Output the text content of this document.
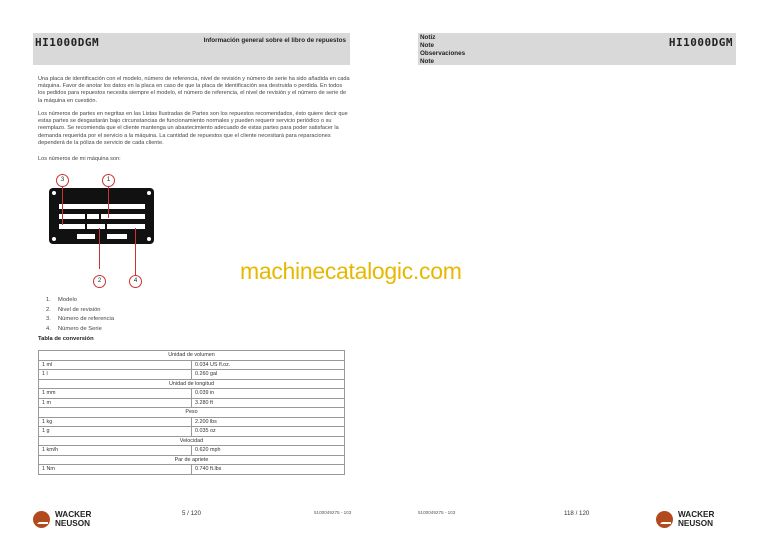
HI1000DGM	Información general sobre el libro de repuestos
Una placa de identificación con el modelo, número de referencia, nivel de revisión y número de serie ha sido añadida en cada máquina. Favor de anotar los datos en la placa en caso de que la placa de identificación sea destruida o perdida. En todos los pedidos para repuestos necesita siempre el modelo, el número de referencia, el nivel de revisión y el número de serie de la máquina en cuestión.
Los números de partes en negritas en las Listas Ilustradas de Partes son los repuestos recomendados, ésto quiere decir que estas partes se desgastarán bajo circunstancias de funcionamiento normales y pueden requerir servicio periódico o su reemplazo. Se recomienda que el cliente mantenga un abastecimiento adecuado de estas partes para poder satisfacer la demanda requerida por el servicio a la máquina. La cantidad de repuestos que el cliente necesitará para reparaciones dependerá de la póliza de servicio de cada cliente.
Los números de mi máquina son:
3	1
2	4
1. Modelo
2. Nivel de revisión
3. Número de referencia
4. Número de Serie
Tabla de conversión
Unidad de volumen	
1 ml	0.034 US fl.oz.
1 l	0.260 gal
Unidad de longitud	
1 mm	0.039 in
1 m	3.280 ft
Peso	
1 kg	2.200 lbs
1 g	0.035 oz
Velocidad	
1 km/h	0.620 mph
Par de apriete	
1 Nm	0.740 ft.lbs
WACKER
NEUSON
5 / 120	5100049275 - 103
Notiz
Note
Observaciones
Note
HI1000DGM
5100049275 - 103	118 / 120	WACKER
NEUSON
machinecatalogic.com
